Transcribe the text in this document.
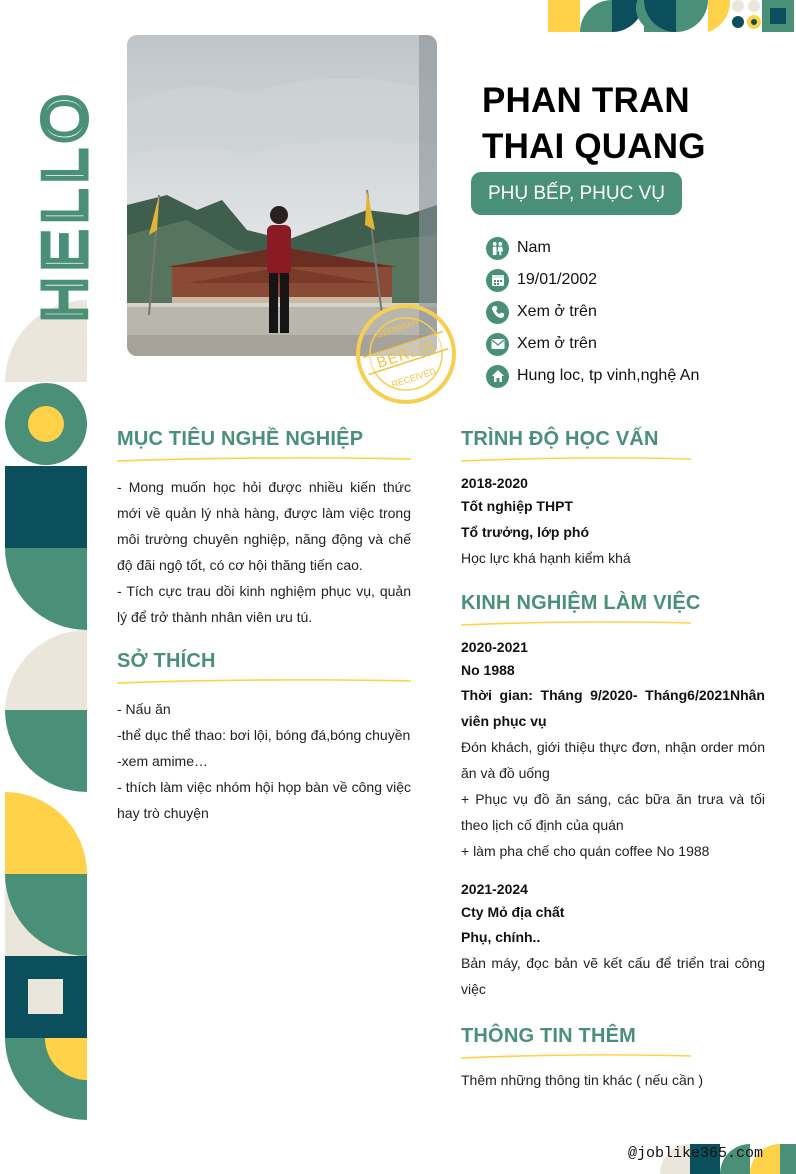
HELLO
GERMANY
BERLIN
RECEIVED
PHAN TRAN
THAI QUANG
PHỤ BẾP, PHỤC VỤ
Nam
19/01/2002
Xem ở trên
Xem ở trên
Hung loc, tp vinh,nghệ An
MỤC TIÊU NGHỀ NGHIỆP
- Mong muốn học hỏi được nhiều kiến thức mới về quản lý nhà hàng, được làm việc trong môi trường chuyên nghiệp, năng động và chế độ đãi ngộ tốt, có cơ hội thăng tiến cao.
- Tích cực trau dồi kinh nghiệm phục vụ, quản lý để trở thành nhân viên ưu tú.
SỞ THÍCH
- Nấu ăn
-thể dục thể thao: bơi lội, bóng đá,bóng chuyền
-xem amime…
- thích làm việc nhóm hội họp bàn về công việc hay trò chuyện
TRÌNH ĐỘ HỌC VẤN
2018-2020
Tốt nghiệp THPT
Tổ trưởng, lớp phó
Học lực khá hạnh kiểm khá
KINH NGHIỆM LÀM VIỆC
2020-2021
No 1988
Thời gian: Tháng 9/2020- Tháng6/2021Nhân viên phục vụ
Đón khách, giới thiệu thực đơn, nhận order món ăn và đồ uống
+ Phục vụ đồ ăn sáng, các bữa ăn trưa và tối theo lịch cố định của quán
+ làm pha chế cho quán coffee No 1988
2021-2024
Cty Mỏ địa chất
Phụ, chính..
Bản máy, đọc bản vẽ kết cấu để triển trai công việc
THÔNG TIN THÊM
Thêm những thông tin khác ( nếu cần )
@joblike365.com
